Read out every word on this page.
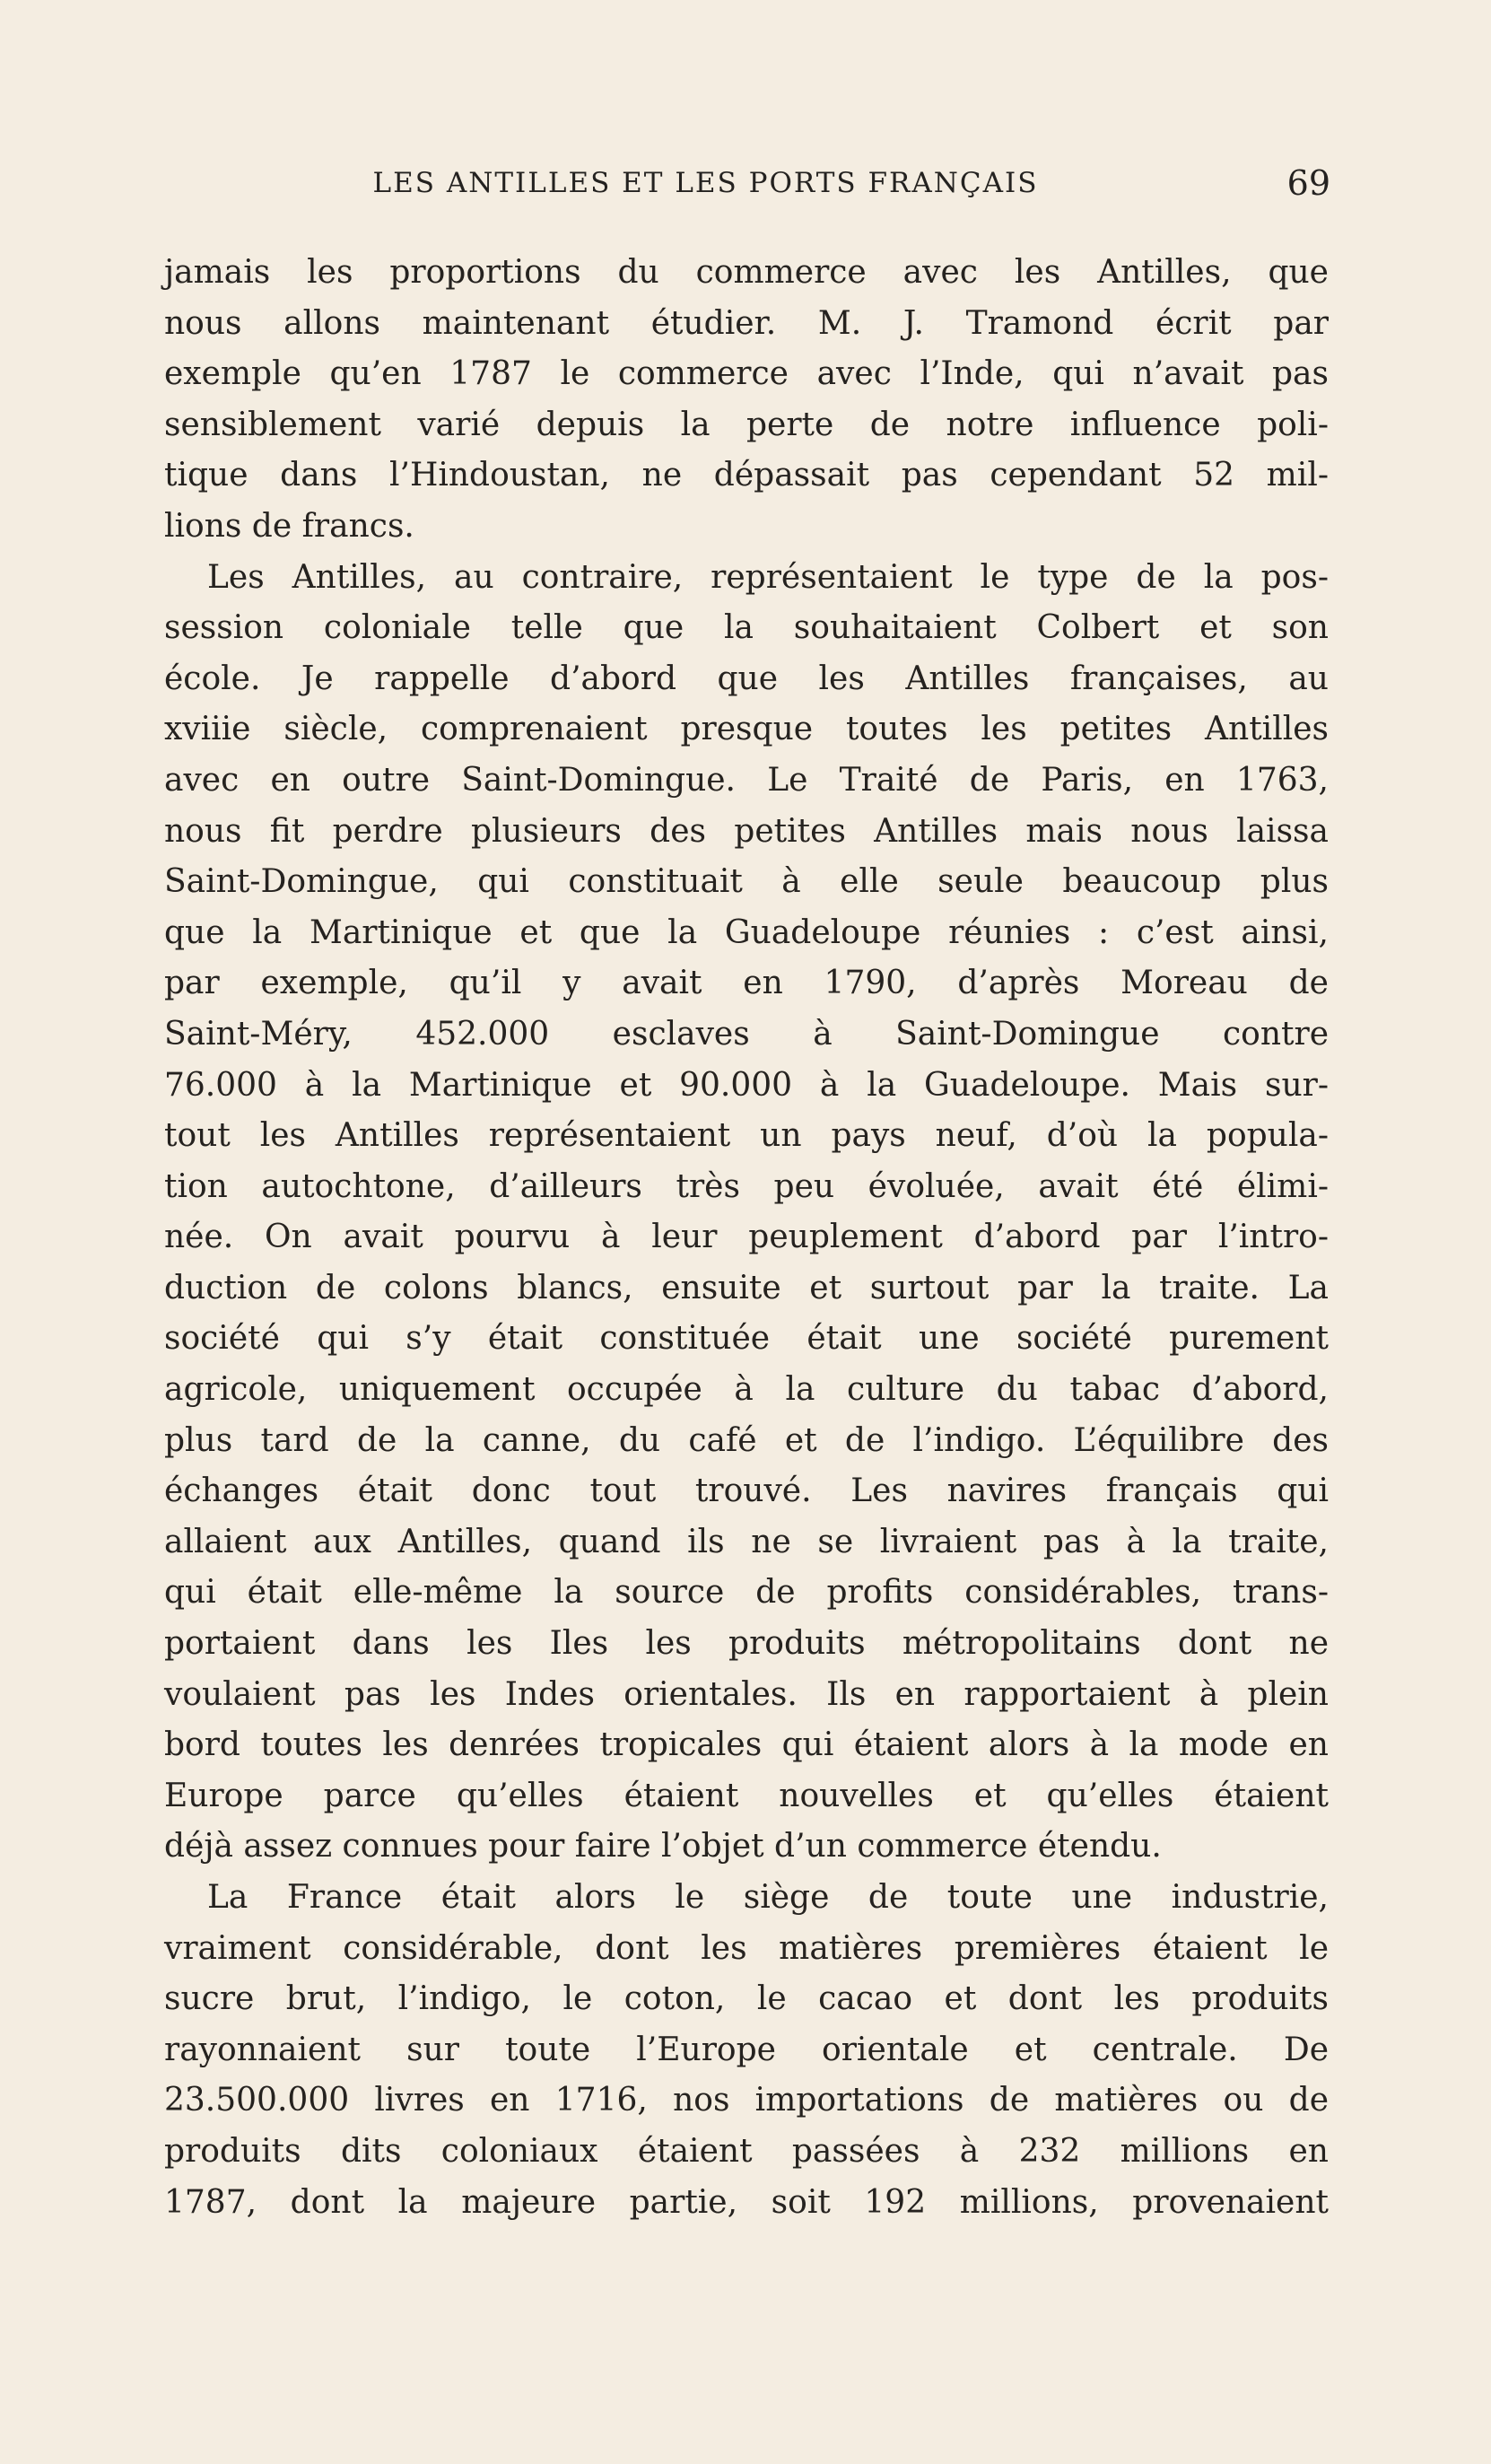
LES ANTILLES ET LES PORTS FRANÇAIS	69

jamais les proportions du commerce avec les Antilles, que
nous allons maintenant étudier. M. J. Tramond écrit par
exemple qu’en 1787 le commerce avec l’Inde, qui n’avait pas
sensiblement varié depuis la perte de notre influence poli-
tique dans l’Hindoustan, ne dépassait pas cependant 52 mil-
lions de francs.

Les Antilles, au contraire, représentaient le type de la pos-
session coloniale telle que la souhaitaient Colbert et son
école. Je rappelle d’abord que les Antilles françaises, au
xviiie siècle, comprenaient presque toutes les petites Antilles
avec en outre Saint-Domingue. Le Traité de Paris, en 1763,
nous fit perdre plusieurs des petites Antilles mais nous laissa
Saint-Domingue, qui constituait à elle seule beaucoup plus
que la Martinique et que la Guadeloupe réunies : c’est ainsi,
par exemple, qu’il y avait en 1790, d’après Moreau de
Saint-Méry, 452.000 esclaves à Saint-Domingue contre
76.000 à la Martinique et 90.000 à la Guadeloupe. Mais sur-
tout les Antilles représentaient un pays neuf, d’où la popula-
tion autochtone, d’ailleurs très peu évoluée, avait été élimi-
née. On avait pourvu à leur peuplement d’abord par l’intro-
duction de colons blancs, ensuite et surtout par la traite. La
société qui s’y était constituée était une société purement
agricole, uniquement occupée à la culture du tabac d’abord,
plus tard de la canne, du café et de l’indigo. L’équilibre des
échanges était donc tout trouvé. Les navires français qui
allaient aux Antilles, quand ils ne se livraient pas à la traite,
qui était elle-même la source de profits considérables, trans-
portaient dans les Iles les produits métropolitains dont ne
voulaient pas les Indes orientales. Ils en rapportaient à plein
bord toutes les denrées tropicales qui étaient alors à la mode en
Europe parce qu’elles étaient nouvelles et qu’elles étaient
déjà assez connues pour faire l’objet d’un commerce étendu.

La France était alors le siège de toute une industrie,
vraiment considérable, dont les matières premières étaient le
sucre brut, l’indigo, le coton, le cacao et dont les produits
rayonnaient sur toute l’Europe orientale et centrale. De
23.500.000 livres en 1716, nos importations de matières ou de
produits dits coloniaux étaient passées à 232 millions en
1787, dont la majeure partie, soit 192 millions, provenaient
